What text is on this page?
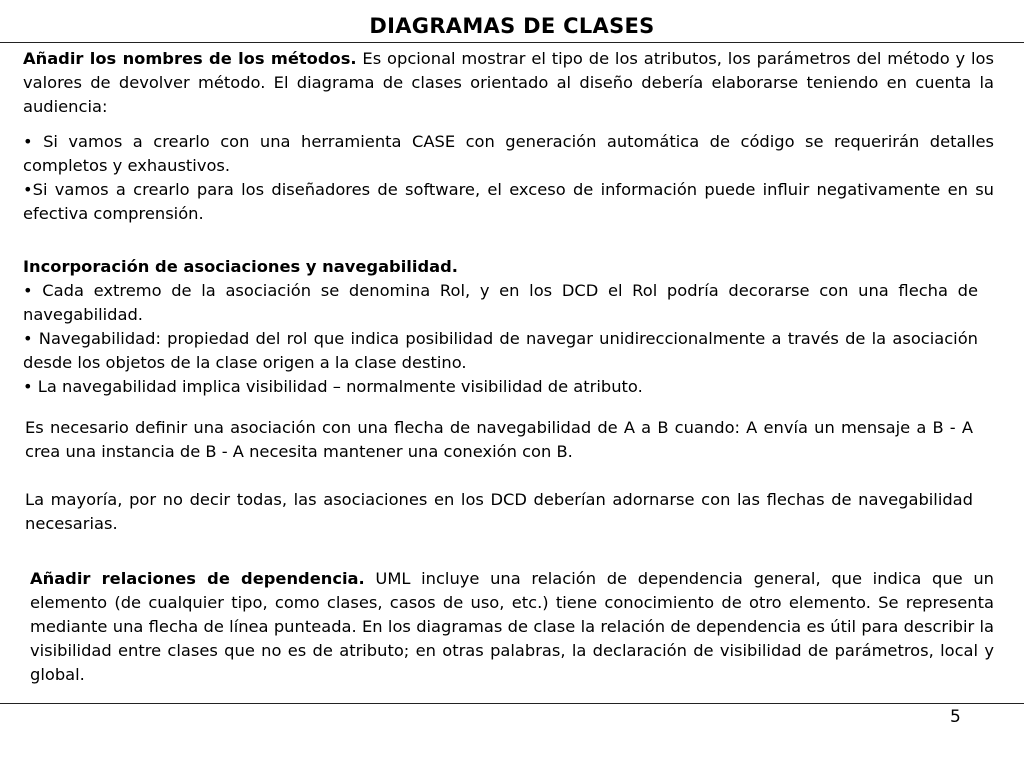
DIAGRAMAS DE CLASES

Añadir los nombres de los métodos. Es opcional mostrar el tipo de los atributos, los parámetros del método y los valores de devolver método. El diagrama de clases orientado al diseño debería elaborarse teniendo en cuenta la audiencia:

• Si vamos a crearlo con una herramienta CASE con generación automática de código se requerirán detalles completos y exhaustivos.

•Si vamos a crearlo para los diseñadores de software, el exceso de información puede influir negativamente en su efectiva comprensión.

Incorporación de asociaciones y navegabilidad.

• Cada extremo de la asociación se denomina Rol, y en los DCD el Rol podría decorarse con una flecha de navegabilidad.

• Navegabilidad: propiedad del rol que indica posibilidad de navegar unidireccionalmente a través de la asociación desde los objetos de la clase origen a la clase destino.

• La navegabilidad implica visibilidad – normalmente visibilidad de atributo.

Es necesario definir una asociación con una flecha de navegabilidad de A a B cuando: A envía un mensaje a B - A crea una instancia de B - A necesita mantener una conexión con B.

La mayoría, por no decir todas, las asociaciones en los DCD deberían adornarse con las flechas de navegabilidad necesarias.

Añadir relaciones de dependencia. UML incluye una relación de dependencia general, que indica que un elemento (de cualquier tipo, como clases, casos de uso, etc.) tiene conocimiento de otro elemento. Se representa mediante una flecha de línea punteada. En los diagramas de clase la relación de dependencia es útil para describir la visibilidad entre clases que no es de atributo; en otras palabras, la declaración de visibilidad de parámetros, local y global.

5
